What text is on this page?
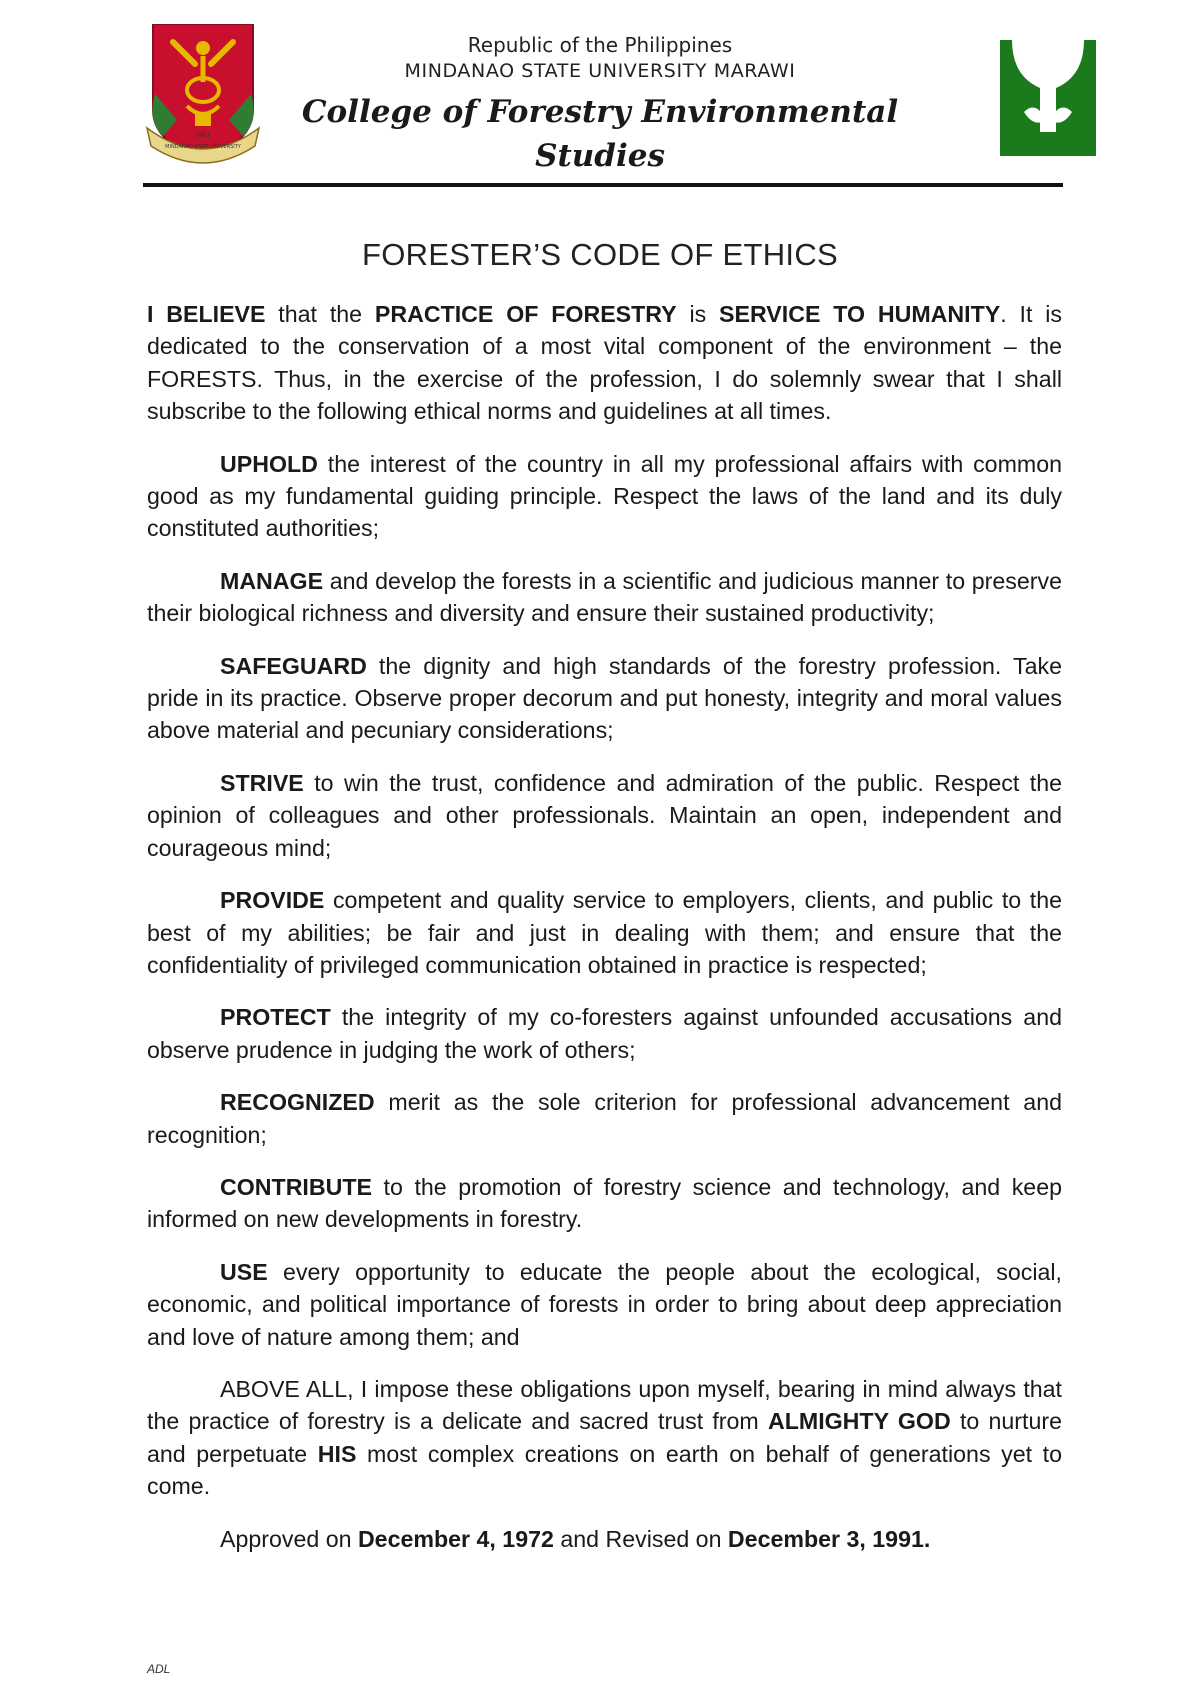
1961
MINDANAO STATE UNIVERSITY
Republic of the Philippines
MINDANAO STATE UNIVERSITY MARAWI
College of Forestry Environmental Studies
FORESTER’S CODE OF ETHICS

I BELIEVE that the PRACTICE OF FORESTRY is SERVICE TO HUMANITY. It is dedicated to the conservation of a most vital component of the environment – the FORESTS. Thus, in the exercise of the profession, I do solemnly swear that I shall subscribe to the following ethical norms and guidelines at all times.

UPHOLD the interest of the country in all my professional affairs with common good as my fundamental guiding principle. Respect the laws of the land and its duly constituted authorities;

MANAGE and develop the forests in a scientific and judicious manner to preserve their biological richness and diversity and ensure their sustained productivity;

SAFEGUARD the dignity and high standards of the forestry profession. Take pride in its practice. Observe proper decorum and put honesty, integrity and moral values above material and pecuniary considerations;

STRIVE to win the trust, confidence and admiration of the public. Respect the opinion of colleagues and other professionals. Maintain an open, independent and courageous mind;

PROVIDE competent and quality service to employers, clients, and public to the best of my abilities; be fair and just in dealing with them; and ensure that the confidentiality of privileged communication obtained in practice is respected;

PROTECT the integrity of my co-foresters against unfounded accusations and observe prudence in judging the work of others;

RECOGNIZED merit as the sole criterion for professional advancement and recognition;

CONTRIBUTE to the promotion of forestry science and technology, and keep informed on new developments in forestry.

USE every opportunity to educate the people about the ecological, social, economic, and political importance of forests in order to bring about deep appreciation and love of nature among them; and

ABOVE ALL, I impose these obligations upon myself, bearing in mind always that the practice of forestry is a delicate and sacred trust from ALMIGHTY GOD to nurture and perpetuate HIS most complex creations on earth on behalf of generations yet to come.

Approved on December 4, 1972 and Revised on December 3, 1991.

ADL
